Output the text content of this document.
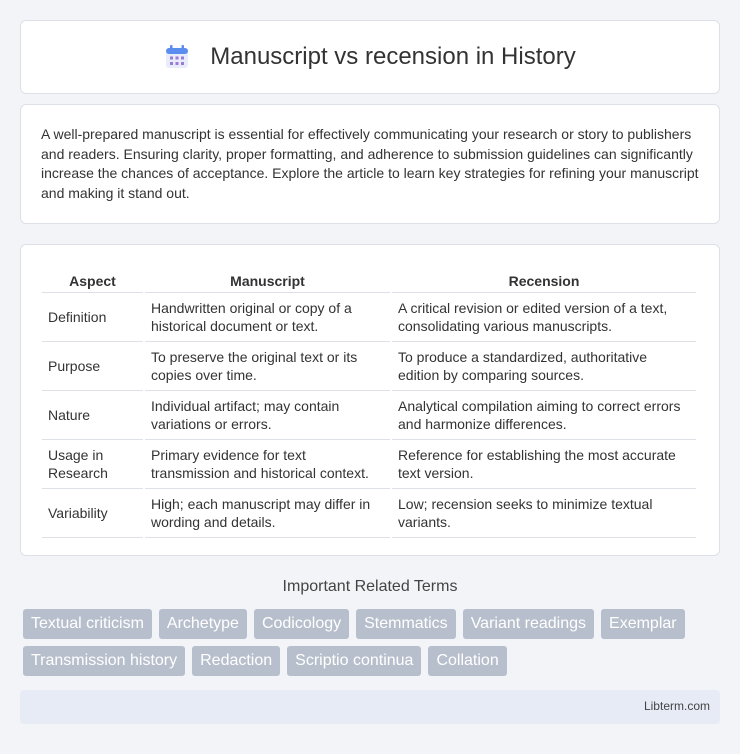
Manuscript vs recension in History

A well-prepared manuscript is essential for effectively communicating your research or story to publishers and readers. Ensuring clarity, proper formatting, and adherence to submission guidelines can significantly increase the chances of acceptance. Explore the article to learn key strategies for refining your manuscript and making it stand out.

Aspect	Manuscript	Recension
Definition	Handwritten original or copy of a historical document or text.	A critical revision or edited version of a text, consolidating various manuscripts.
Purpose	To preserve the original text or its copies over time.	To produce a standardized, authoritative edition by comparing sources.
Nature	Individual artifact; may contain variations or errors.	Analytical compilation aiming to correct errors and harmonize differences.
Usage in Research	Primary evidence for text transmission and historical context.	Reference for establishing the most accurate text version.
Variability	High; each manuscript may differ in wording and details.	Low; recension seeks to minimize textual variants.
Important Related Terms
Textual criticism	Archetype	Codicology	Stemmatics	Variant readings	Exemplar
Transmission history	Redaction	Scriptio continua	Collation
Libterm.com
